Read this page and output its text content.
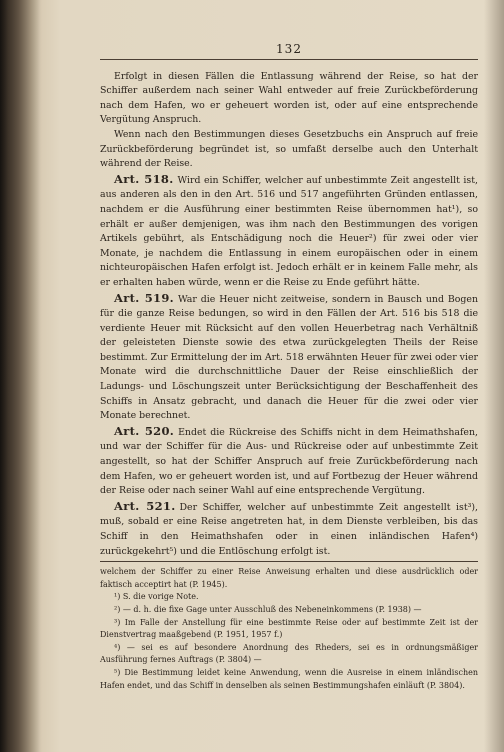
132

Erfolgt in diesen Fällen die Entlassung während der Reise, so hat der Schiffer außerdem nach seiner Wahl entweder auf freie Zurückbeförderung nach dem Hafen, wo er geheuert worden ist, oder auf eine entsprechende Vergütung Anspruch.

Wenn nach den Bestimmungen dieses Gesetzbuchs ein Anspruch auf freie Zurückbeförderung begründet ist, so umfaßt derselbe auch den Unterhalt während der Reise.

Art. 518. Wird ein Schiffer, welcher auf unbestimmte Zeit angestellt ist, aus anderen als den in den Art. 516 und 517 angeführten Gründen entlassen, nachdem er die Ausführung einer bestimmten Reise übernommen hat¹), so erhält er außer demjenigen, was ihm nach den Bestimmungen des vorigen Artikels gebührt, als Entschädigung noch die Heuer²) für zwei oder vier Monate, je nachdem die Entlassung in einem europäischen oder in einem nichteuropäischen Hafen erfolgt ist. Jedoch erhält er in keinem Falle mehr, als er erhalten haben würde, wenn er die Reise zu Ende geführt hätte.

Art. 519. War die Heuer nicht zeitweise, sondern in Bausch und Bogen für die ganze Reise bedungen, so wird in den Fällen der Art. 516 bis 518 die verdiente Heuer mit Rücksicht auf den vollen Heuerbetrag nach Verhältniß der geleisteten Dienste sowie des etwa zurückgelegten Theils der Reise bestimmt. Zur Ermittelung der im Art. 518 erwähnten Heuer für zwei oder vier Monate wird die durchschnittliche Dauer der Reise einschließlich der Ladungs- und Löschungszeit unter Berücksichtigung der Beschaffenheit des Schiffs in Ansatz gebracht, und danach die Heuer für die zwei oder vier Monate berechnet.

Art. 520. Endet die Rückreise des Schiffs nicht in dem Heimathshafen, und war der Schiffer für die Aus- und Rückreise oder auf unbestimmte Zeit angestellt, so hat der Schiffer Anspruch auf freie Zurückbeförderung nach dem Hafen, wo er geheuert worden ist, und auf Fortbezug der Heuer während der Reise oder nach seiner Wahl auf eine entsprechende Vergütung.

Art. 521. Der Schiffer, welcher auf unbestimmte Zeit angestellt ist³), muß, sobald er eine Reise angetreten hat, in dem Dienste verbleiben, bis das Schiff in den Heimathshafen oder in einen inländischen Hafen⁴) zurückgekehrt⁵) und die Entlöschung erfolgt ist.

welchem der Schiffer zu einer Reise Anweisung erhalten und diese ausdrücklich oder faktisch acceptirt hat (P. 1945).

¹) S. die vorige Note.

²) — d. h. die fixe Gage unter Ausschluß des Nebeneinkommens (P. 1938) —

³) Im Falle der Anstellung für eine bestimmte Reise oder auf bestimmte Zeit ist der Dienstvertrag maaßgebend (P. 1951, 1957 f.)

⁴) — sei es auf besondere Anordnung des Rheders, sei es in ordnungsmäßiger Ausführung fernes Auftrags (P. 3804) —

⁵) Die Bestimmung leidet keine Anwendung, wenn die Ausreise in einem inländischen Hafen endet, und das Schiff in denselben als seinen Bestimmungshafen einläuft (P. 3804).
